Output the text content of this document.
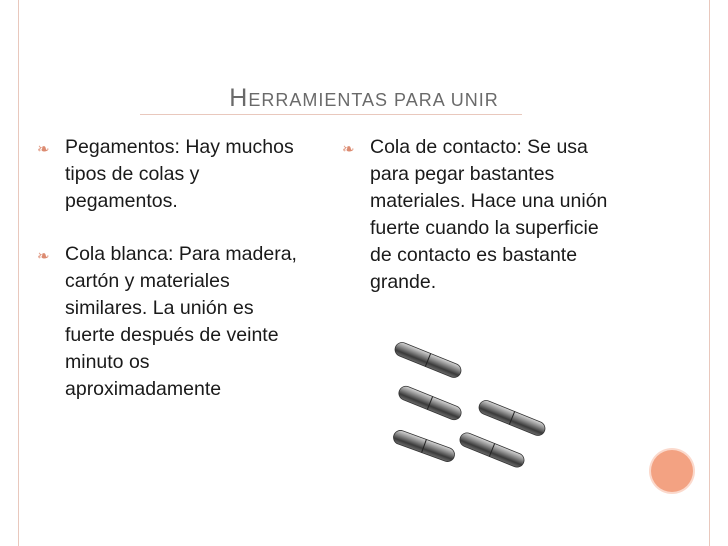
HERRAMIENTAS PARA UNIR
❧ Pegamentos: Hay muchos tipos de colas y pegamentos.
❧ Cola blanca: Para madera, cartón y materiales similares. La unión es fuerte después de veinte minuto os aproximadamente
❧ Cola de contacto: Se usa para pegar bastantes materiales. Hace una unión fuerte cuando la superficie de contacto es bastante grande.
